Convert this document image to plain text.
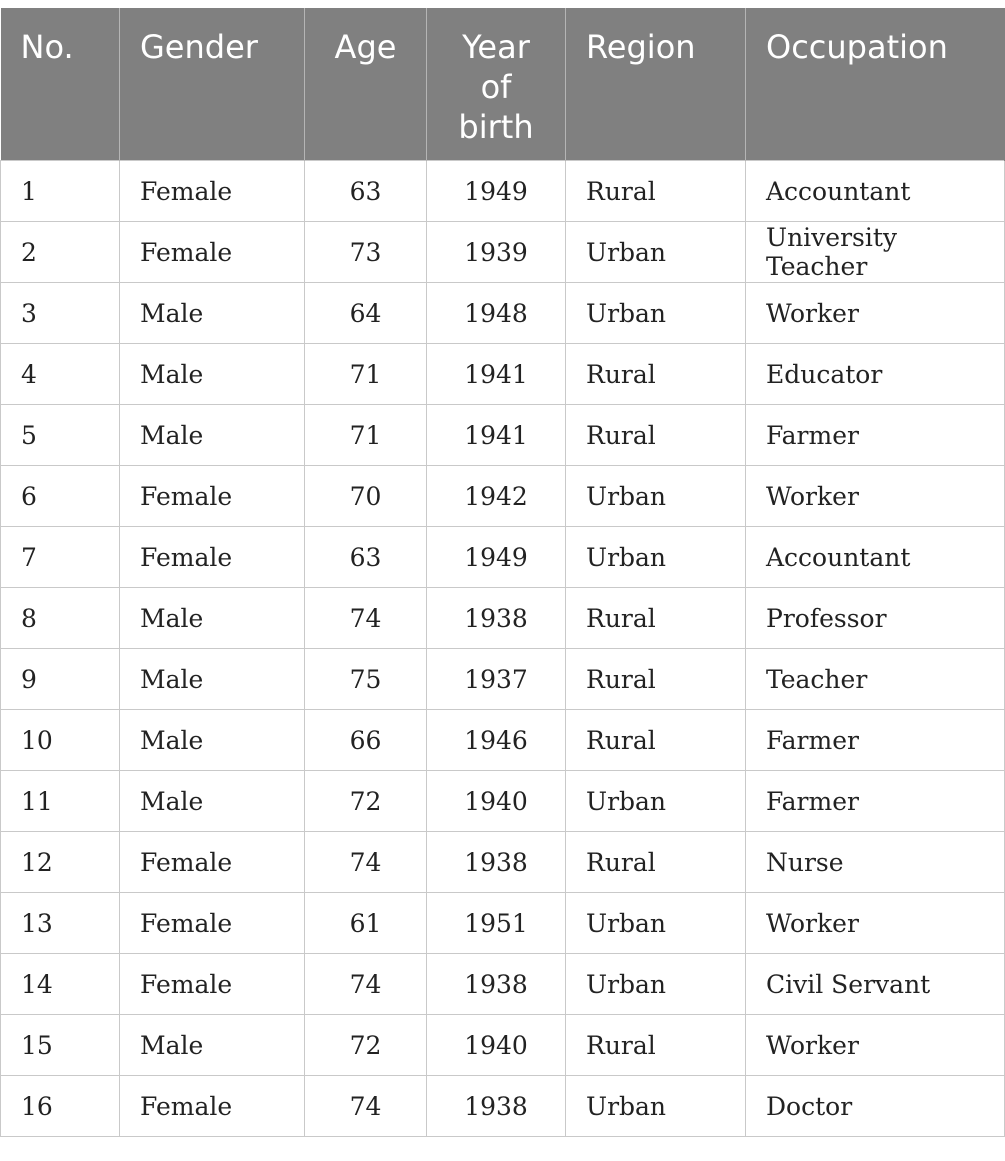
No.	Gender	Age	Year of birth	Region	Occupation
1	Female	63	1949	Rural	Accountant
2	Female	73	1939	Urban	University Teacher
3	Male	64	1948	Urban	Worker
4	Male	71	1941	Rural	Educator
5	Male	71	1941	Rural	Farmer
6	Female	70	1942	Urban	Worker
7	Female	63	1949	Urban	Accountant
8	Male	74	1938	Rural	Professor
9	Male	75	1937	Rural	Teacher
10	Male	66	1946	Rural	Farmer
11	Male	72	1940	Urban	Farmer
12	Female	74	1938	Rural	Nurse
13	Female	61	1951	Urban	Worker
14	Female	74	1938	Urban	Civil Servant
15	Male	72	1940	Rural	Worker
16	Female	74	1938	Urban	Doctor
